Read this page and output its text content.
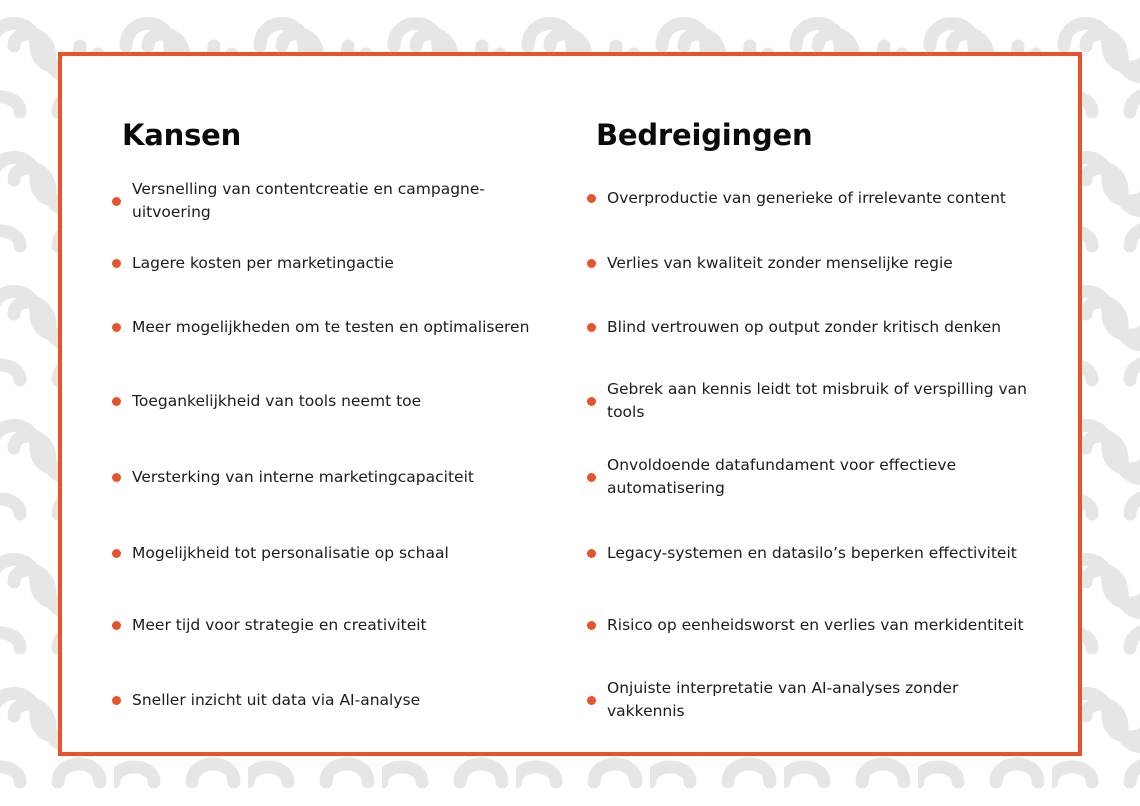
Kansen
Versnelling van contentcreatie en campagne-uitvoering
Lagere kosten per marketingactie
Meer mogelijkheden om te testen en optimaliseren
Toegankelijkheid van tools neemt toe
Versterking van interne marketingcapaciteit
Mogelijkheid tot personalisatie op schaal
Meer tijd voor strategie en creativiteit
Sneller inzicht uit data via AI-analyse
Bedreigingen
Overproductie van generieke of irrelevante content
Verlies van kwaliteit zonder menselijke regie
Blind vertrouwen op output zonder kritisch denken
Gebrek aan kennis leidt tot misbruik of verspilling van tools
Onvoldoende datafundament voor effectieve automatisering
Legacy-systemen en datasilo’s beperken effectiviteit
Risico op eenheidsworst en verlies van merkidentiteit
Onjuiste interpretatie van AI-analyses zonder vakkennis
